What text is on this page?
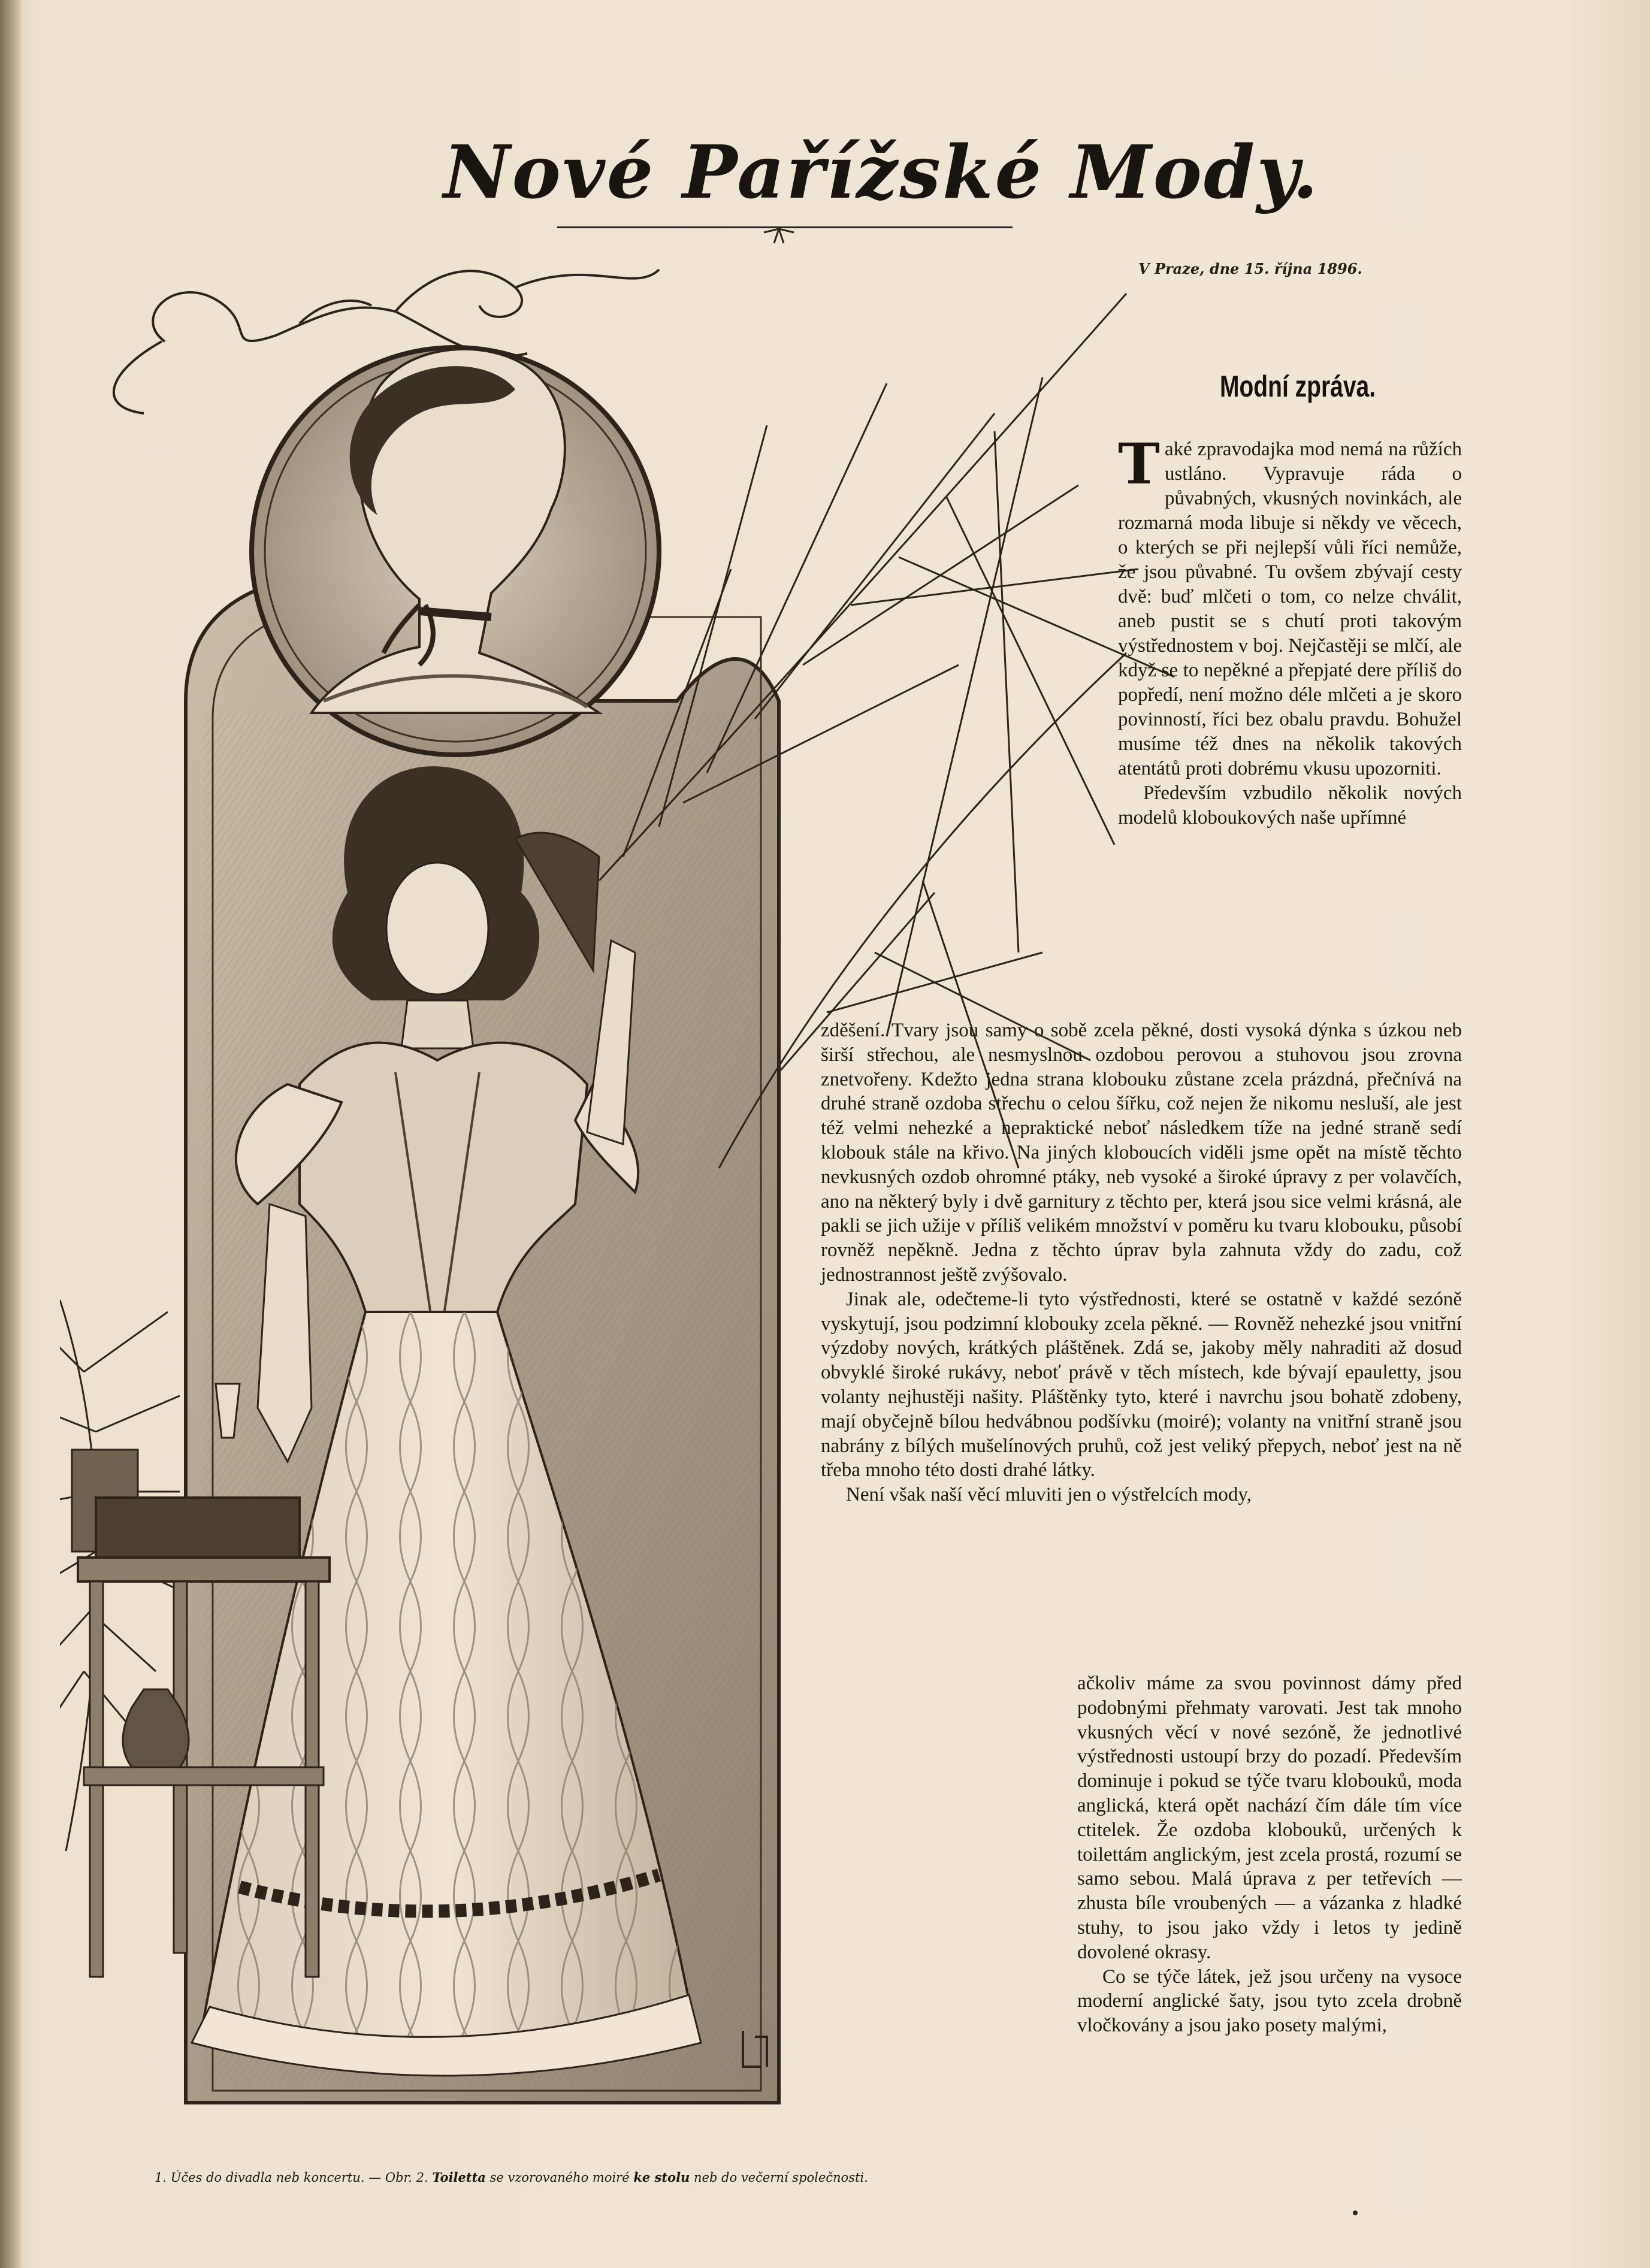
Nové Pařížské Mody.
V Praze, dne 15. října 1896.
Modní zpráva.

Také zpravodajka mod nemá na růžích ustláno. Vypravuje ráda o půvabných, vkusných novinkách, ale rozmarná moda libuje si někdy ve věcech, o kterých se při nejlepší vůli říci nemůže, že jsou půvabné. Tu ovšem zbývají cesty dvě: buď mlčeti o tom, co nelze chválit, aneb pustit se s chutí proti takovým výstřednostem v boj. Nejčastěji se mlčí, ale když se to nepěkné a přepjaté dere příliš do popředí, není možno déle mlčeti a je skoro povinností, říci bez obalu pravdu. Bohužel musíme též dnes na několik takových atentátů proti dobrému vkusu upozorniti.

Především vzbudilo několik nových modelů kloboukových naše upřímné

zděšení. Tvary jsou samy o sobě zcela pěkné, dosti vysoká dýnka s úzkou neb širší střechou, ale nesmyslnou ozdobou perovou a stuhovou jsou zrovna znetvořeny. Kdežto jedna strana klobouku zůstane zcela prázdná, přečnívá na druhé straně ozdoba střechu o celou šířku, což nejen že nikomu nesluší, ale jest též velmi nehezké a nepraktické neboť následkem tíže na jedné straně sedí klobouk stále na křivo. Na jiných kloboucích viděli jsme opět na místě těchto nevkusných ozdob ohromné ptáky, neb vysoké a široké úpravy z per volavčích, ano na některý byly i dvě garnitury z těchto per, která jsou sice velmi krásná, ale pakli se jich užije v příliš velikém množství v poměru ku tvaru klobouku, působí rovněž nepěkně. Jedna z těchto úprav byla zahnuta vždy do zadu, což jednostrannost ještě zvýšovalo.

Jinak ale, odečteme-li tyto výstřednosti, které se ostatně v každé sezóně vyskytují, jsou podzimní klobouky zcela pěkné. — Rovněž nehezké jsou vnitřní výzdoby nových, krátkých pláštěnek. Zdá se, jakoby měly nahraditi až dosud obvyklé široké rukávy, neboť právě v těch místech, kde bývají epauletty, jsou volanty nejhustěji našity. Pláštěnky tyto, které i navrchu jsou bohatě zdobeny, mají obyčejně bílou hedvábnou podšívku (moiré); volanty na vnitřní straně jsou nabrány z bílých mušelínových pruhů, což jest veliký přepych, neboť jest na ně třeba mnoho této dosti drahé látky.

Není však naší věcí mluviti jen o výstřelcích mody,

ačkoliv máme za svou povinnost dámy před podobnými přehmaty varovati. Jest tak mnoho vkusných věcí v nové sezóně, že jednotlivé výstřednosti ustoupí brzy do pozadí. Především dominuje i pokud se týče tvaru klobouků, moda anglická, která opět nachází čím dále tím více ctitelek. Že ozdoba klobouků, určených k toilettám anglickým, jest zcela prostá, rozumí se samo sebou. Malá úprava z per tetřevích — zhusta bíle vroubených — a vázanka z hladké stuhy, to jsou jako vždy i letos ty jedině dovolené okrasy.

Co se týče látek, jež jsou určeny na vysoce moderní anglické šaty, jsou tyto zcela drobně vločkovány a jsou jako posety malými,

1. Účes do divadla neb koncertu. — Obr. 2. Toiletta se vzorovaného moiré ke stolu neb do večerní společnosti.
